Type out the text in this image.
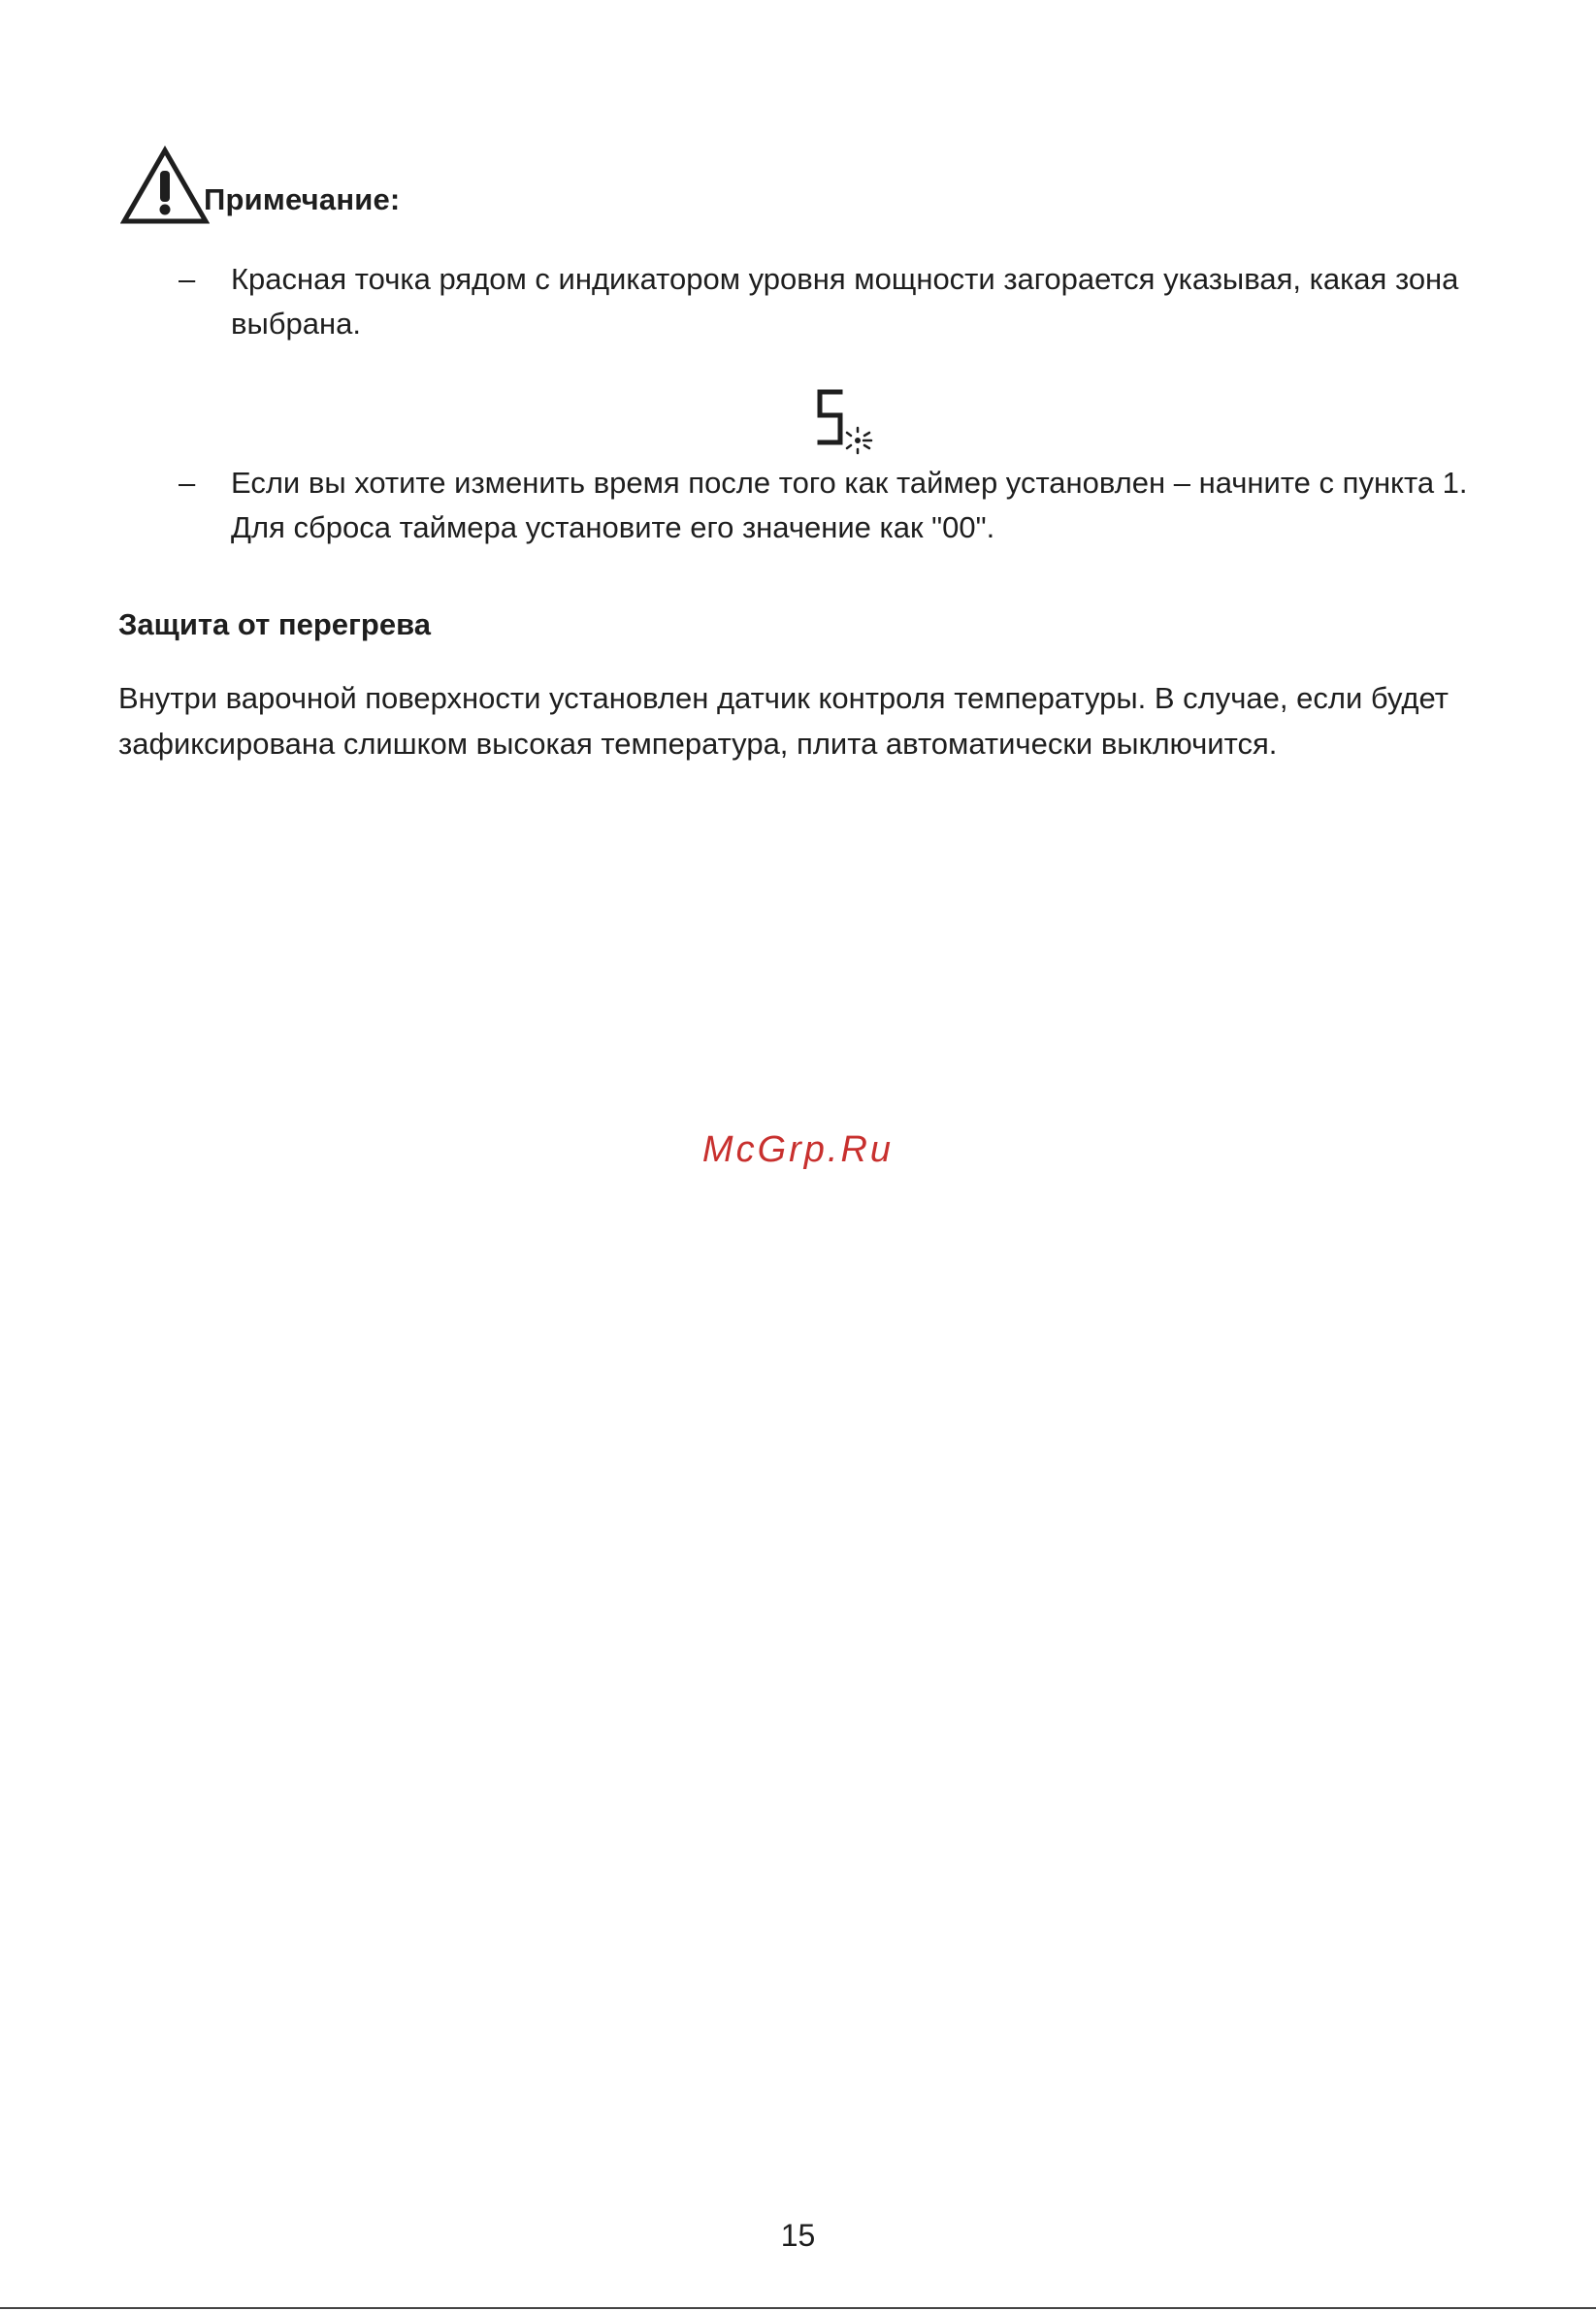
Примечание:
–	Красная точка рядом с индикатором уровня мощности загорается указывая, какая зона выбрана.
–	Если вы хотите изменить время после того как таймер установлен – начните с пункта 1. Для сброса таймера установите его значение как "00".
Защита от перегрева
Внутри варочной поверхности установлен датчик контроля температуры. В случае, если будет зафиксирована слишком высокая температура, плита автоматически выключится.
McGrp.Ru
15
